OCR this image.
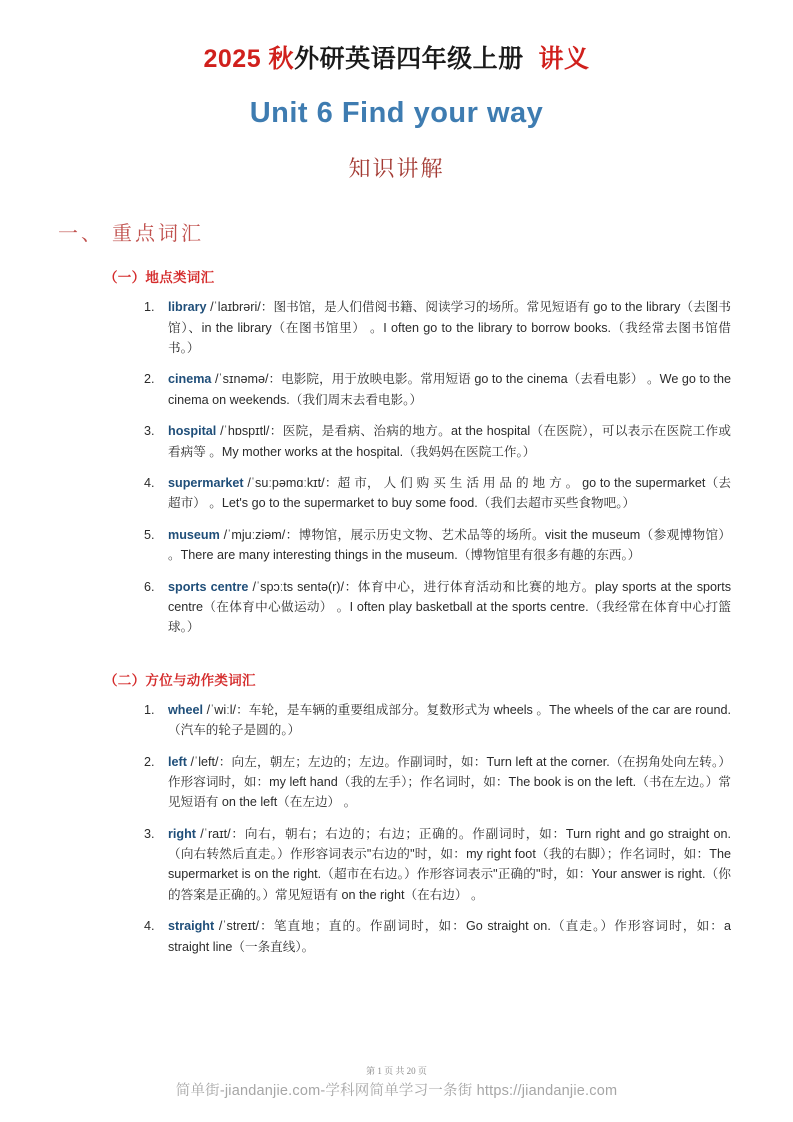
2025 秋外研英语四年级上册 讲义
Unit 6 Find your way
知识讲解
一、 重点词汇
（一）地点类词汇
library /ˈlaɪbrəri/：图书馆，是人们借阅书籍、阅读学习的场所。常见短语有 go to the library（去图书馆）、in the library（在图书馆里） 。I often go to the library to borrow books.（我经常去图书馆借书。）
cinema /ˈsɪnəmə/：电影院，用于放映电影。常用短语 go to the cinema（去看电影） 。We go to the cinema on weekends.（我们周末去看电影。）
hospital /ˈhɒspɪtl/：医院，是看病、治病的地方。at the hospital（在医院），可以表示在医院工作或看病等 。My mother works at the hospital.（我妈妈在医院工作。）
supermarket /ˈsuːpəmɑːkɪt/：超 市， 人 们 购 买 生 活 用 品 的 地 方 。 go to the supermarket（去超市） 。Let's go to the supermarket to buy some food.（我们去超市买些食物吧。）
museum /ˈmjuːziəm/：博物馆，展示历史文物、艺术品等的场所。visit the museum（参观博物馆） 。There are many interesting things in the museum.（博物馆里有很多有趣的东西。）
sports centre /ˈspɔːts sentə(r)/：体育中心，进行体育活动和比赛的地方。play sports at the sports centre（在体育中心做运动） 。I often play basketball at the sports centre.（我经常在体育中心打篮球。）
（二）方位与动作类词汇
wheel /ˈwiːl/：车轮，是车辆的重要组成部分。复数形式为 wheels 。The wheels of the car are round.（汽车的轮子是圆的。）
left /ˈleft/：向左，朝左；左边的；左边。作副词时，如：Turn left at the corner.（在拐角处向左转。）作形容词时，如：my left hand（我的左手）；作名词时，如：The book is on the left.（书在左边。）常见短语有 on the left（在左边） 。
right /ˈraɪt/：向右，朝右；右边的；右边；正确的。作副词时，如：Turn right and go straight on.（向右转然后直走。）作形容词表示"右边的"时，如：my right foot（我的右脚）；作名词时，如：The supermarket is on the right.（超市在右边。）作形容词表示"正确的"时，如：Your answer is right.（你的答案是正确的。）常见短语有 on the right（在右边） 。
straight /ˈstreɪt/：笔直地；直的。作副词时，如：Go straight on.（直走。）作形容词时，如：a straight line（一条直线）。

第 1 页 共 20 页

简单街-jiandanjie.com-学科网简单学习一条街 https://jiandanjie.com
